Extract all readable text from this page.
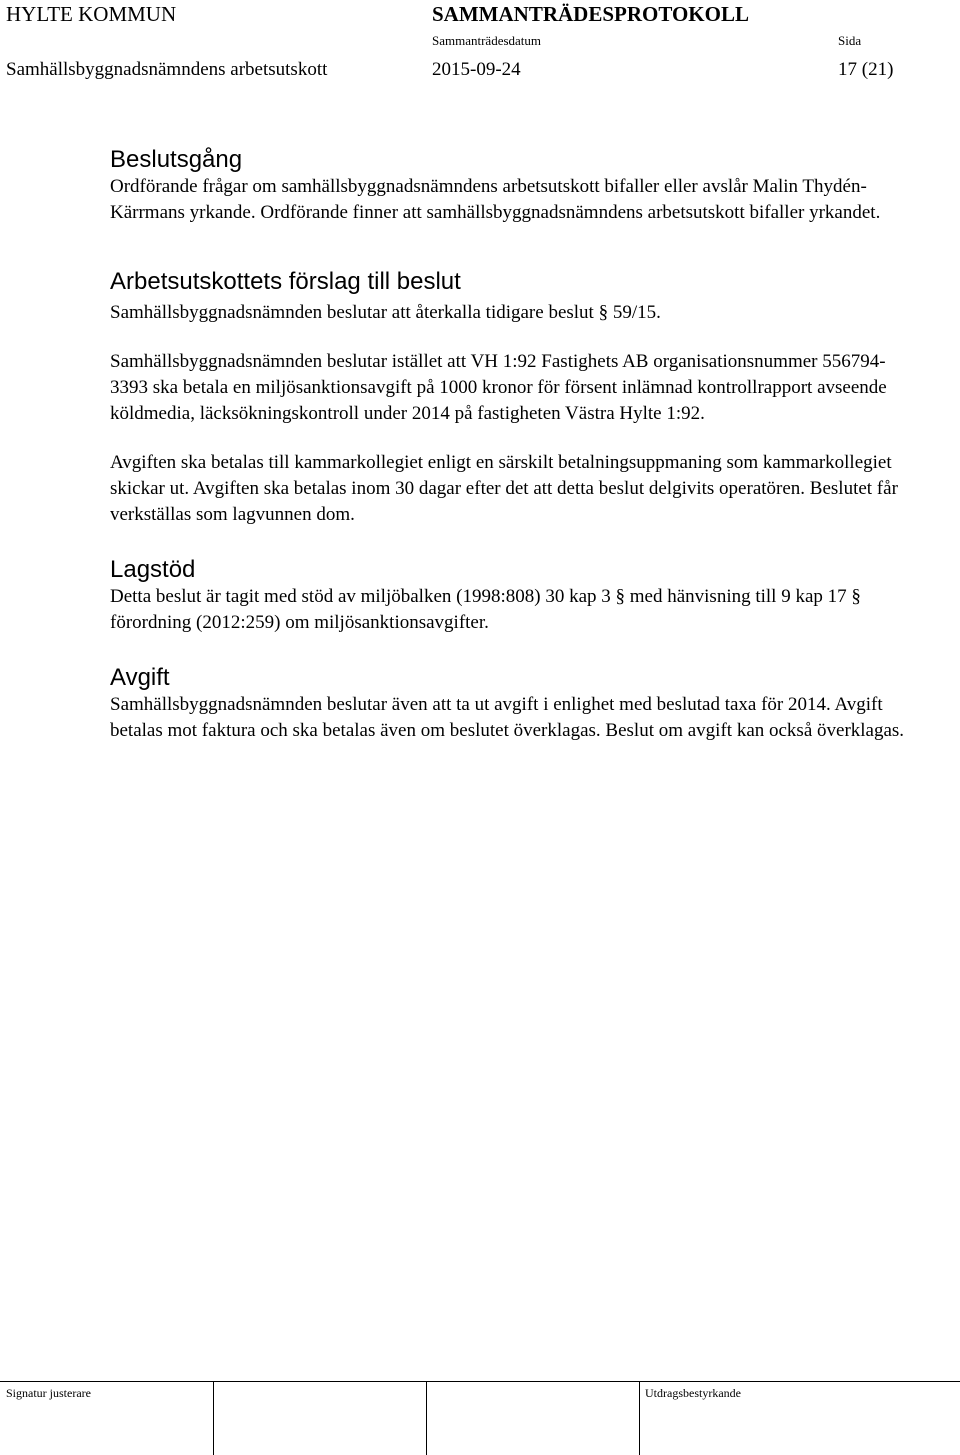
HYLTE KOMMUN	SAMMANTRÄDESPROTOKOLL
Sammanträdesdatum	Sida
Samhällsbyggnadsnämndens arbetsutskott	2015-09-24	17 (21)
Beslutsgång

Ordförande frågar om samhällsbyggnadsnämndens arbetsutskott bifaller eller avslår Malin Thydén-Kärrmans yrkande. Ordförande finner att samhällsbyggnadsnämndens arbetsutskott bifaller yrkandet.

Arbetsutskottets förslag till beslut

Samhällsbyggnadsnämnden beslutar att återkalla tidigare beslut § 59/15.

Samhällsbyggnadsnämnden beslutar istället att VH 1:92 Fastighets AB organisationsnummer 556794-3393 ska betala en miljösanktionsavgift på 1000 kronor för försent inlämnad kontrollrapport avseende köldmedia, läcksökningskontroll under 2014 på fastigheten Västra Hylte 1:92.

Avgiften ska betalas till kammarkollegiet enligt en särskilt betalningsuppmaning som kammarkollegiet skickar ut. Avgiften ska betalas inom 30 dagar efter det att detta beslut delgivits operatören. Beslutet får verkställas som lagvunnen dom.

Lagstöd

Detta beslut är tagit med stöd av miljöbalken (1998:808) 30 kap 3 § med hänvisning till 9 kap 17 § förordning (2012:259) om miljösanktionsavgifter.

Avgift

Samhällsbyggnadsnämnden beslutar även att ta ut avgift i enlighet med beslutad taxa för 2014. Avgift betalas mot faktura och ska betalas även om beslutet överklagas. Beslut om avgift kan också överklagas.

Signatur justerare	Utdragsbestyrkande
